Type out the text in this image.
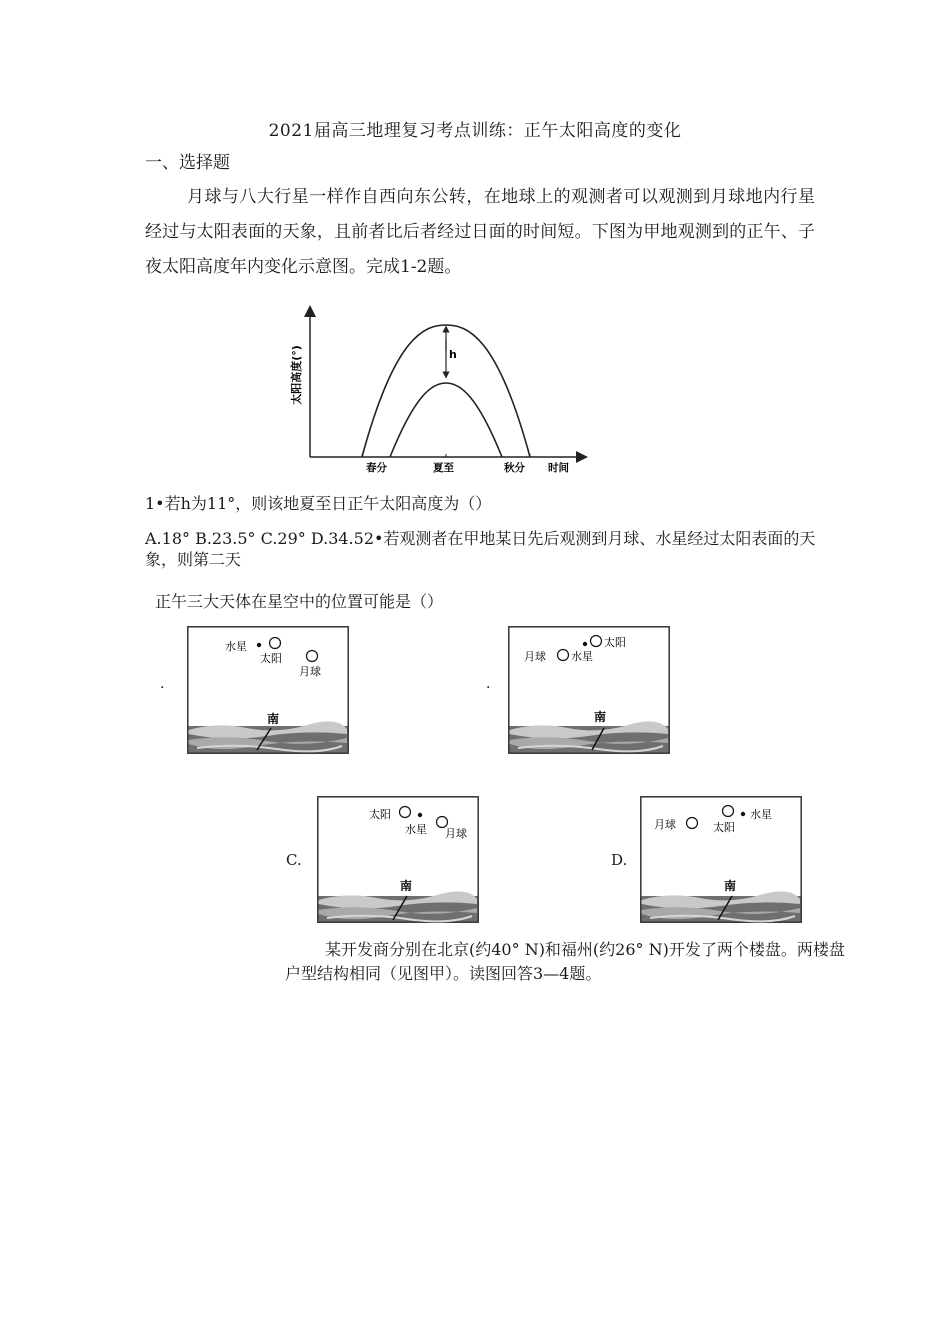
2021届高三地理复习考点训练：正午太阳高度的变化
一、选择题
月球与八大行星一样作自西向东公转，在地球上的观测者可以观测到月球地内行星经过与太阳表面的天象，且前者比后者经过日面的时间短。下图为甲地观测到的正午、子夜太阳高度年内变化示意图。完成1-2题。
太阳高度(°)	h
春分	夏至	秋分 时间
1•若h为11°，则该地夏至日正午太阳高度为（）
A.18° B.23.5° C.29° D.34.52•若观测者在甲地某日先后观测到月球、水星经过太阳表面的天象，则第二天
正午三大天体在星空中的位置可能是（）
·
南
水星
太阳
月球
·
南
月球 水星
太阳
C.
南
太阳
水星 月球
D.
南
月球	太阳
水星
某开发商分别在北京(约40° N)和福州(约26° N)开发了两个楼盘。两楼盘
户型结构相同（见图甲）。读图回答3—4题。
